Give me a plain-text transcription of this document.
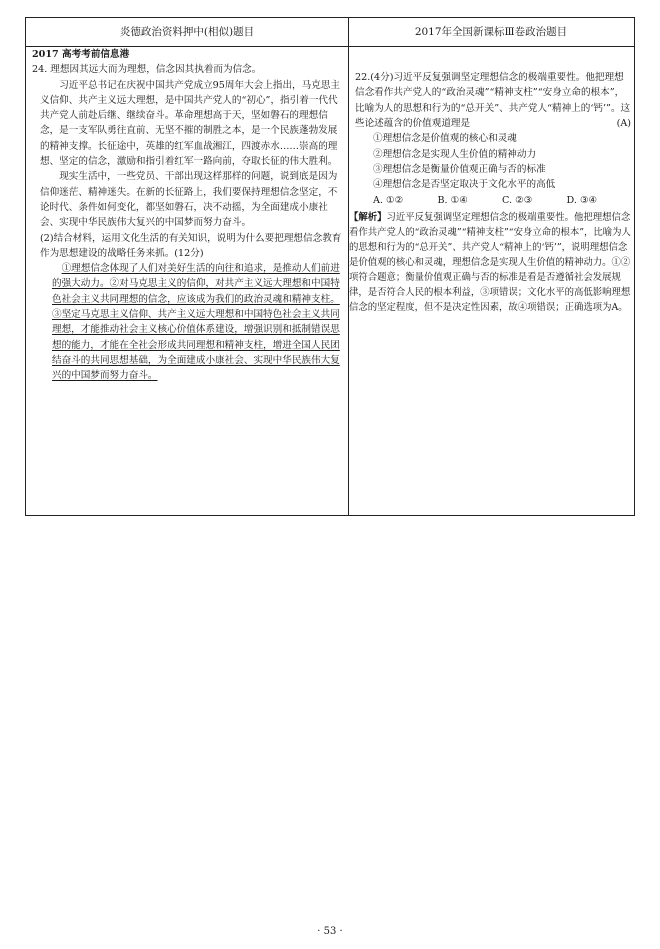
炎德政治资料押中(相似)题目	2017年全国新课标Ⅲ卷政治题目

2017 高考考前信息港

24. 理想因其远大而为理想，信念因其执着而为信念。

习近平总书记在庆祝中国共产党成立95周年大会上指出，马克思主义信仰、共产主义远大理想，是中国共产党人的“初心”，指引着一代代共产党人前赴后继、继续奋斗。革命理想高于天，坚如磐石的理想信念，是一支军队勇往直前、无坚不摧的制胜之本，是一个民族蓬勃发展的精神支撑。长征途中，英雄的红军血战湘江，四渡赤水……崇高的理想、坚定的信念，激励和指引着红军一路向前，夺取长征的伟大胜利。

现实生活中，一些党员、干部出现这样那样的问题，说到底是因为信仰迷茫、精神迷失。在新的长征路上，我们要保持理想信念坚定，不论时代、条件如何变化，都坚如磐石，决不动摇，为全面建成小康社会、实现中华民族伟大复兴的中国梦而努力奋斗。

(2)结合材料，运用文化生活的有关知识，说明为什么要把理想信念教育作为思想建设的战略任务来抓。(12分)

①理想信念体现了人们对美好生活的向往和追求，是推动人们前进的强大动力。②对马克思主义的信仰，对共产主义远大理想和中国特色社会主义共同理想的信念，应该成为我们的政治灵魂和精神支柱。③坚定马克思主义信仰、共产主义远大理想和中国特色社会主义共同理想，才能推动社会主义核心价值体系建设，增强识别和抵制错误思想的能力，才能在全社会形成共同理想和精神支柱，增进全国人民团结奋斗的共同思想基础，为全面建成小康社会、实现中华民族伟大复兴的中国梦而努力奋斗。

22.(4分)习近平反复强调坚定理想信念的极端重要性。他把理想信念看作共产党人的“政治灵魂”“精神支柱”“安身立命的根本”，比喻为人的思想和行为的“总开关”、共产党人“精神上的‘钙’”。这些论述蕴含的价值观道理是	(A)

①理想信念是价值观的核心和灵魂

②理想信念是实现人生价值的精神动力

③理想信念是衡量价值观正确与否的标准

④理想信念是否坚定取决于文化水平的高低

A. ①②	B. ①④	C. ②③	D. ③④

【解析】习近平反复强调坚定理想信念的极端重要性。他把理想信念看作共产党人的“政治灵魂”“精神支柱”“安身立命的根本”，比喻为人的思想和行为的“总开关”、共产党人“精神上的‘钙’”，说明理想信念是价值观的核心和灵魂，理想信念是实现人生价值的精神动力。①②项符合题意；衡量价值观正确与否的标准是看是否遵循社会发展规律，是否符合人民的根本利益，③项错误；文化水平的高低影响理想信念的坚定程度，但不是决定性因素，故④项错误；正确选项为A。

· 53 ·
